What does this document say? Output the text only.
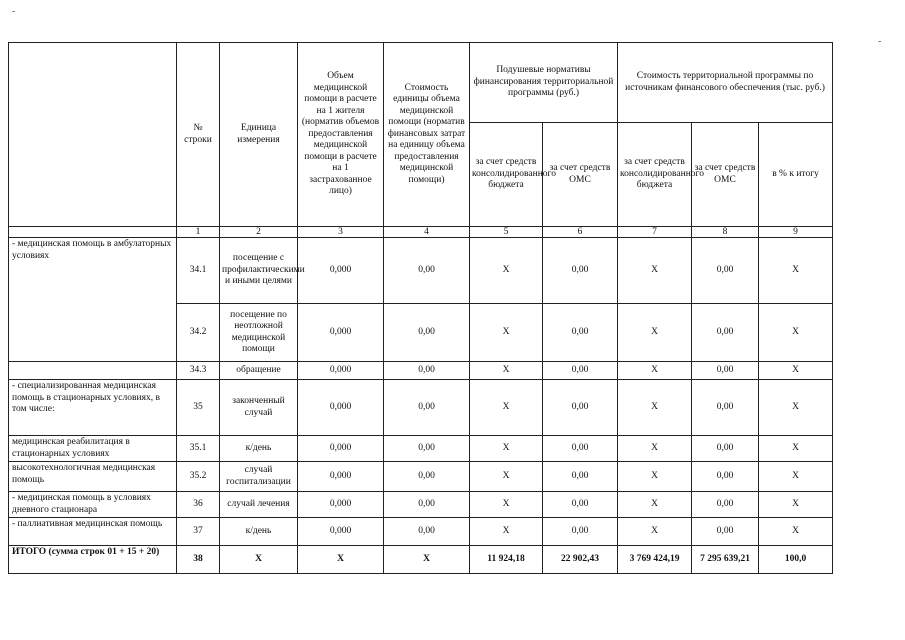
-
-
	№ строки	Единица измерения	Объем медицинской помощи в расчете на 1 жителя (норматив объемов предоставления медицинской помощи в расчете на 1 застрахованное лицо)	Стоимость единицы объема медицинской помощи (норматив финансовых затрат на единицу объема предоставления медицинской помощи)	Подушевые нормативы финансирования территориальной программы (руб.)		Стоимость территориальной программы по источникам финансового обеспечения (тыс. руб.)		
					за счет средств консолидированного бюджета	за счет средств ОМС	за счет средств консолидированного бюджета	за счет средств ОМС	в % к итогу
	1	2	3	4	5	6	7	8	9
- медицинская помощь в амбулаторных условиях	34.1	посещение с профилактическими и иными целями	0,000	0,00	X	0,00	X	0,00	X
	34.2	посещение по неотложной медицинской помощи	0,000	0,00	X	0,00	X	0,00	X
	34.3	обращение	0,000	0,00	X	0,00	X	0,00	X
- специализированная медицинская помощь в стационарных условиях, в том числе:	35	законченный случай	0,000	0,00	X	0,00	X	0,00	X
медицинская реабилитация в стационарных условиях	35.1	к/день	0,000	0,00	X	0,00	X	0,00	X
высокотехнологичная медицинская помощь	35.2	случай госпитализации	0,000	0,00	X	0,00	X	0,00	X
- медицинская помощь в условиях дневного стационара	36	случай лечения	0,000	0,00	X	0,00	X	0,00	X
- паллиативная медицинская помощь	37	к/день	0,000	0,00	X	0,00	X	0,00	X
ИТОГО (сумма строк 01 + 15 + 20)	38	X	X	X	11 924,18	22 902,43	3 769 424,19	7 295 639,21	100,0
